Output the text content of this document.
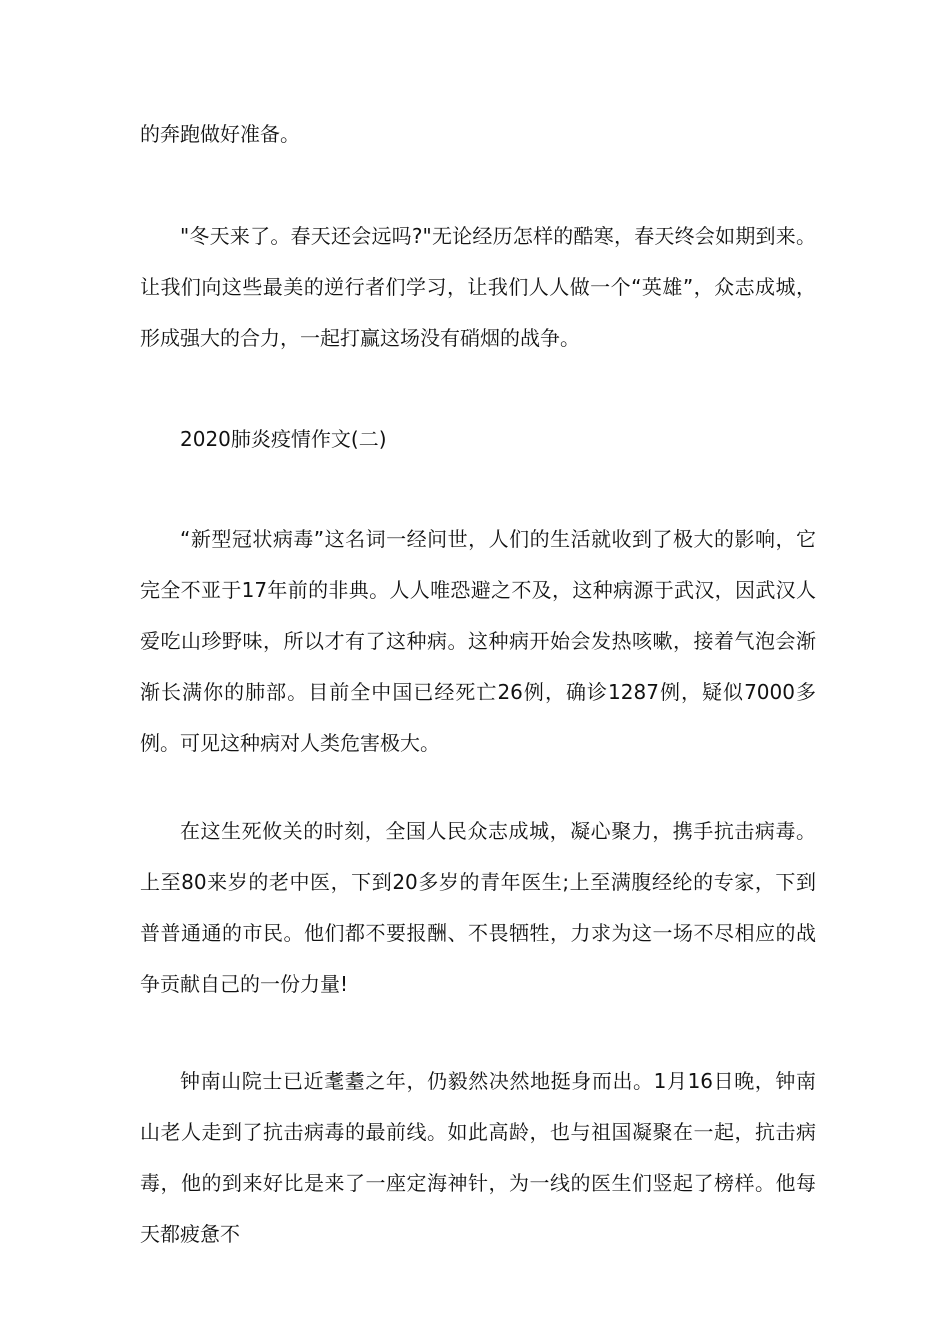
的奔跑做好准备。

"冬天来了。春天还会远吗?"无论经历怎样的酷寒，春天终会如期到来。让我们向这些最美的逆行者们学习，让我们人人做一个“英雄”，众志成城，形成强大的合力，一起打赢这场没有硝烟的战争。

2020肺炎疫情作文(二)

“新型冠状病毒”这名词一经问世，人们的生活就收到了极大的影响，它完全不亚于17年前的非典。人人唯恐避之不及，这种病源于武汉，因武汉人爱吃山珍野味，所以才有了这种病。这种病开始会发热咳嗽，接着气泡会渐渐长满你的肺部。目前全中国已经死亡26例，确诊1287例，疑似7000多例。可见这种病对人类危害极大。

在这生死攸关的时刻，全国人民众志成城，凝心聚力，携手抗击病毒。上至80来岁的老中医，下到20多岁的青年医生;上至满腹经纶的专家，下到普普通通的市民。他们都不要报酬、不畏牺牲，力求为这一场不尽相应的战争贡献自己的一份力量!

钟南山院士已近耄耋之年，仍毅然决然地挺身而出。1月16日晚，钟南山老人走到了抗击病毒的最前线。如此高龄，也与祖国凝聚在一起，抗击病毒，他的到来好比是来了一座定海神针，为一线的医生们竖起了榜样。他每天都疲惫不
